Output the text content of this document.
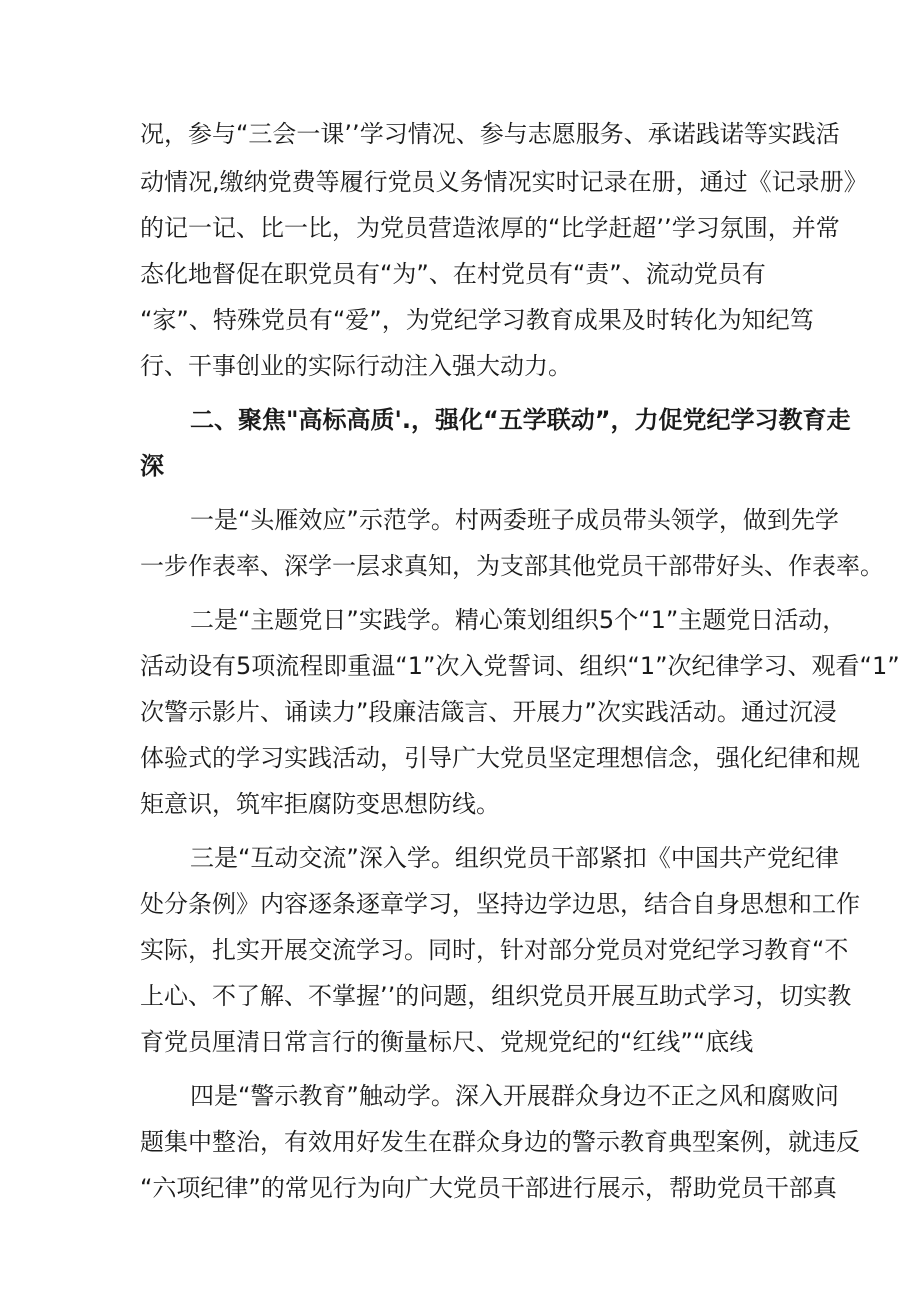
况，参与“三会一课’’学习情况、参与志愿服务、承诺践诺等实践活
动情况,缴纳党费等履行党员义务情况实时记录在册，通过《记录册》
的记一记、比一比，为党员营造浓厚的“比学赶超’’学习氛围，并常
态化地督促在职党员有“为”、在村党员有“责”、流动党员有
“家”、特殊党员有“爱”，为党纪学习教育成果及时转化为知纪笃
行、干事创业的实际行动注入强大动力。
二、聚焦"高标高质'.，强化“五学联动”，力促党纪学习教育走
深
一是“头雁效应”示范学。村两委班子成员带头领学，做到先学
一步作表率、深学一层求真知，为支部其他党员干部带好头、作表率。
二是“主题党日”实践学。精心策划组织5个“1”主题党日活动，
活动设有5项流程即重温“1”次入党誓词、组织“1”次纪律学习、观看“1”
次警示影片、诵读力”段廉洁箴言、开展力”次实践活动。通过沉浸
体验式的学习实践活动，引导广大党员坚定理想信念，强化纪律和规
矩意识，筑牢拒腐防变思想防线。
三是“互动交流”深入学。组织党员干部紧扣《中国共产党纪律
处分条例》内容逐条逐章学习，坚持边学边思，结合自身思想和工作
实际，扎实开展交流学习。同时，针对部分党员对党纪学习教育“不
上心、不了解、不掌握’’的问题，组织党员开展互助式学习，切实教
育党员厘清日常言行的衡量标尺、党规党纪的“红线”“底线
四是“警示教育”触动学。深入开展群众身边不正之风和腐败问
题集中整治，有效用好发生在群众身边的警示教育典型案例，就违反
“六项纪律”的常见行为向广大党员干部进行展示，帮助党员干部真
